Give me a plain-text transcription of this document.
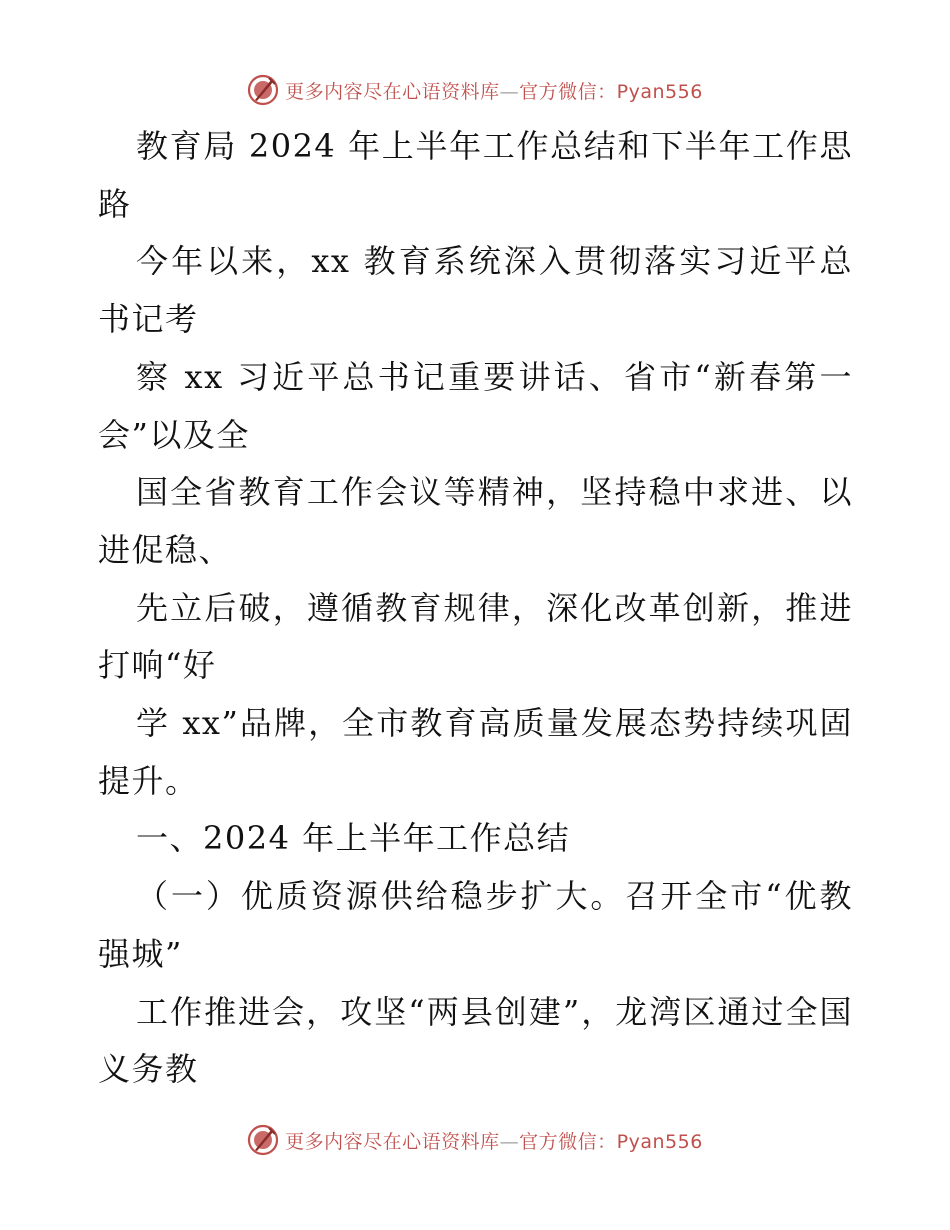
更多内容尽在心语资料库—官方微信：Pyan556

教育局 2024 年上半年工作总结和下半年工作思路

今年以来，xx 教育系统深入贯彻落实习近平总书记考

察 xx 习近平总书记重要讲话、省市“新春第一会”以及全

国全省教育工作会议等精神，坚持稳中求进、以进促稳、

先立后破，遵循教育规律，深化改革创新，推进打响“好

学 xx”品牌，全市教育高质量发展态势持续巩固提升。

一、2024 年上半年工作总结

（一）优质资源供给稳步扩大。召开全市“优教强城”

工作推进会，攻坚“两县创建”，龙湾区通过全国义务教

更多内容尽在心语资料库—官方微信：Pyan556
